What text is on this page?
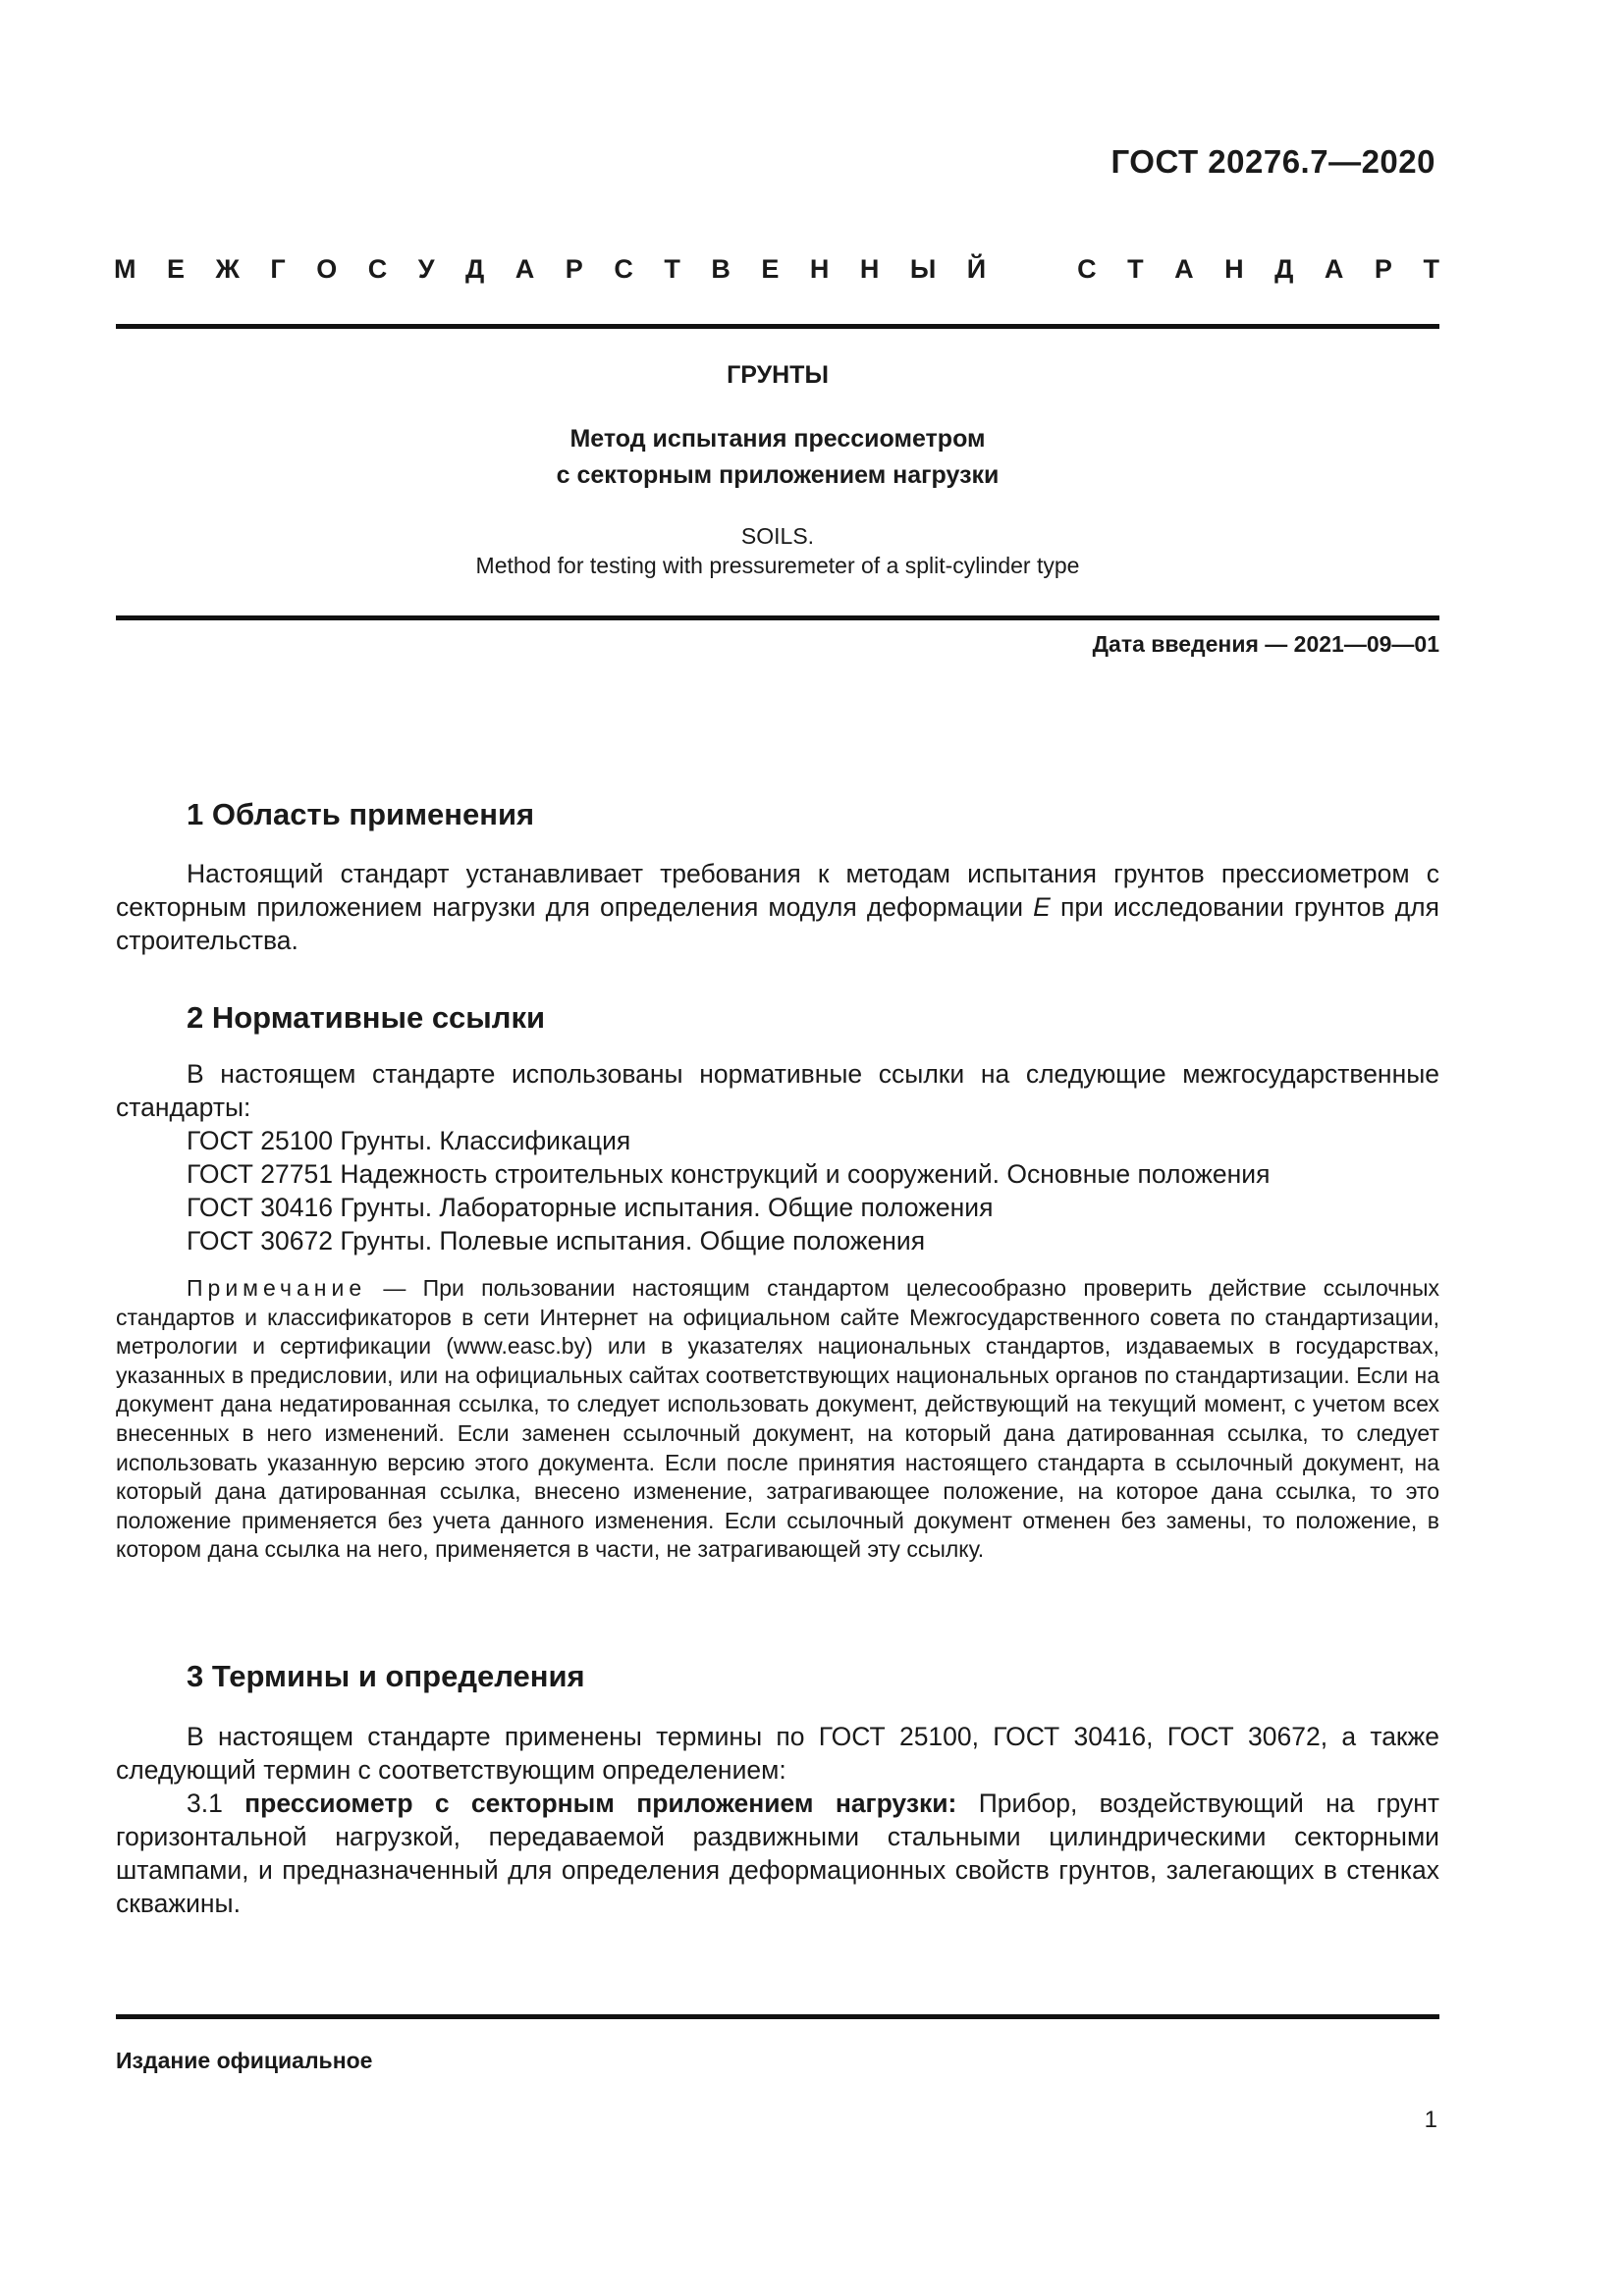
ГОСТ 20276.7—2020
М Е Ж Г О С У Д А Р С Т В Е Н Н Ы Й	С Т А Н Д А Р Т
ГРУНТЫ
Метод испытания прессиометром
с секторным приложением нагрузки
SOILS.
Method for testing with pressuremeter of a split-cylinder type
Дата введения — 2021—09—01
1 Область применения

Настоящий стандарт устанавливает требования к методам испытания грунтов прессиометром с секторным приложением нагрузки для определения модуля деформации E при исследовании грунтов для строительства.

2 Нормативные ссылки

В настоящем стандарте использованы нормативные ссылки на следующие межгосударственные стандарты:

ГОСТ 25100 Грунты. Классификация
ГОСТ 27751 Надежность строительных конструкций и сооружений. Основные положения
ГОСТ 30416 Грунты. Лабораторные испытания. Общие положения
ГОСТ 30672 Грунты. Полевые испытания. Общие положения

Примечание — При пользовании настоящим стандартом целесообразно проверить действие ссылочных стандартов и классификаторов в сети Интернет на официальном сайте Межгосударственного совета по стандартизации, метрологии и сертификации (www.easc.by) или в указателях национальных стандартов, издаваемых в государствах, указанных в предисловии, или на официальных сайтах соответствующих национальных органов по стандартизации. Если на документ дана недатированная ссылка, то следует использовать документ, действующий на текущий момент, с учетом всех внесенных в него изменений. Если заменен ссылочный документ, на который дана датированная ссылка, то следует использовать указанную версию этого документа. Если после принятия настоящего стандарта в ссылочный документ, на который дана датированная ссылка, внесено изменение, затрагивающее положение, на которое дана ссылка, то это положение применяется без учета данного изменения. Если ссылочный документ отменен без замены, то положение, в котором дана ссылка на него, применяется в части, не затрагивающей эту ссылку.

3 Термины и определения

В настоящем стандарте применены термины по ГОСТ 25100, ГОСТ 30416, ГОСТ 30672, а также следующий термин с соответствующим определением:

3.1 прессиометр с секторным приложением нагрузки: Прибор, воздействующий на грунт горизонтальной нагрузкой, передаваемой раздвижными стальными цилиндрическими секторными штампами, и предназначенный для определения деформационных свойств грунтов, залегающих в стенках скважины.

Издание официальное
1
